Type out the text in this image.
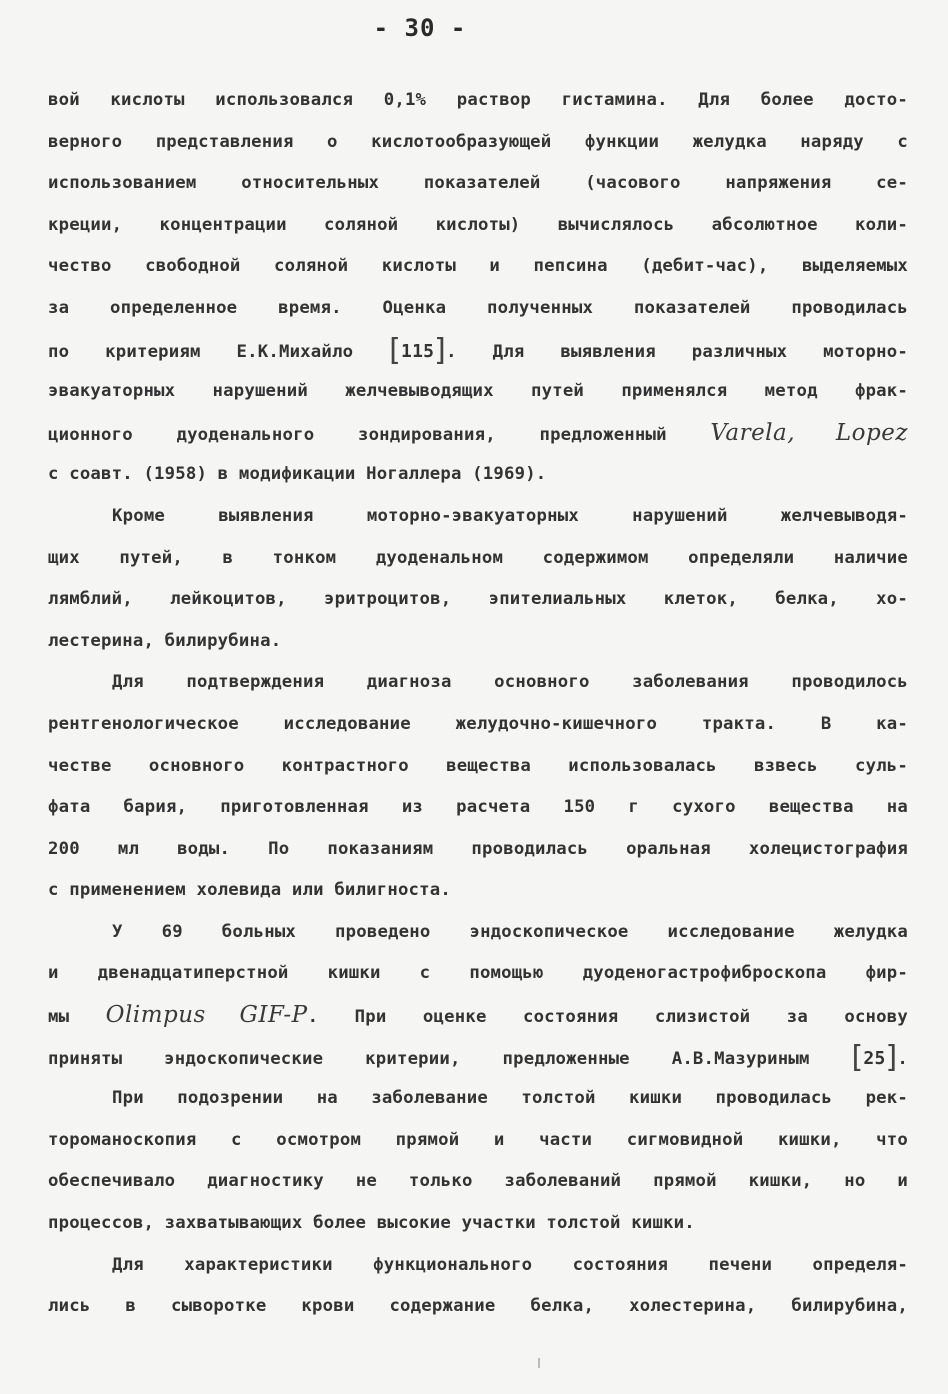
- 30 -
вой кислоты использовался 0,1% раствор гистамина. Для более досто-
верного представления о кислотообразующей функции желудка наряду с
использованием относительных показателей (часового напряжения се-
креции, концентрации соляной кислоты) вычислялось абсолютное коли-
чество свободной соляной кислоты и пепсина (дебит-час), выделяемых
за определенное время. Оценка полученных показателей проводилась
по критериям Е.К.Михайло [115]. Для выявления различных моторно-
эвакуаторных нарушений желчевыводящих путей применялся метод фрак-
ционного дуоденального зондирования, предложенный Varela, Lopez
с соавт. (1958) в модификации Ногаллера (1969).
Кроме выявления моторно-эвакуаторных нарушений желчевыводя-
щих путей, в тонком дуоденальном содержимом определяли наличие
лямблий, лейкоцитов, эритроцитов, эпителиальных клеток, белка, хо-
лестерина, билирубина.
Для подтверждения диагноза основного заболевания проводилось
рентгенологическое исследование желудочно-кишечного тракта. В ка-
честве основного контрастного вещества использовалась взвесь суль-
фата бария, приготовленная из расчета 150 г сухого вещества на
200 мл воды. По показаниям проводилась оральная холецистография
с применением холевида или билигноста.
У 69 больных проведено эндоскопическое исследование желудка
и двенадцатиперстной кишки с помощью дуоденогастрофиброскопа фир-
мы Olimpus GIF-P. При оценке состояния слизистой за основу
приняты эндоскопические критерии, предложенные А.В.Мазуриным [25].
При подозрении на заболевание толстой кишки проводилась рек-
тороманоскопия с осмотром прямой и части сигмовидной кишки, что
обеспечивало диагностику не только заболеваний прямой кишки, но и
процессов, захватывающих более высокие участки толстой кишки.
Для характеристики функционального состояния печени определя-
лись в сыворотке крови содержание белка, холестерина, билирубина,
